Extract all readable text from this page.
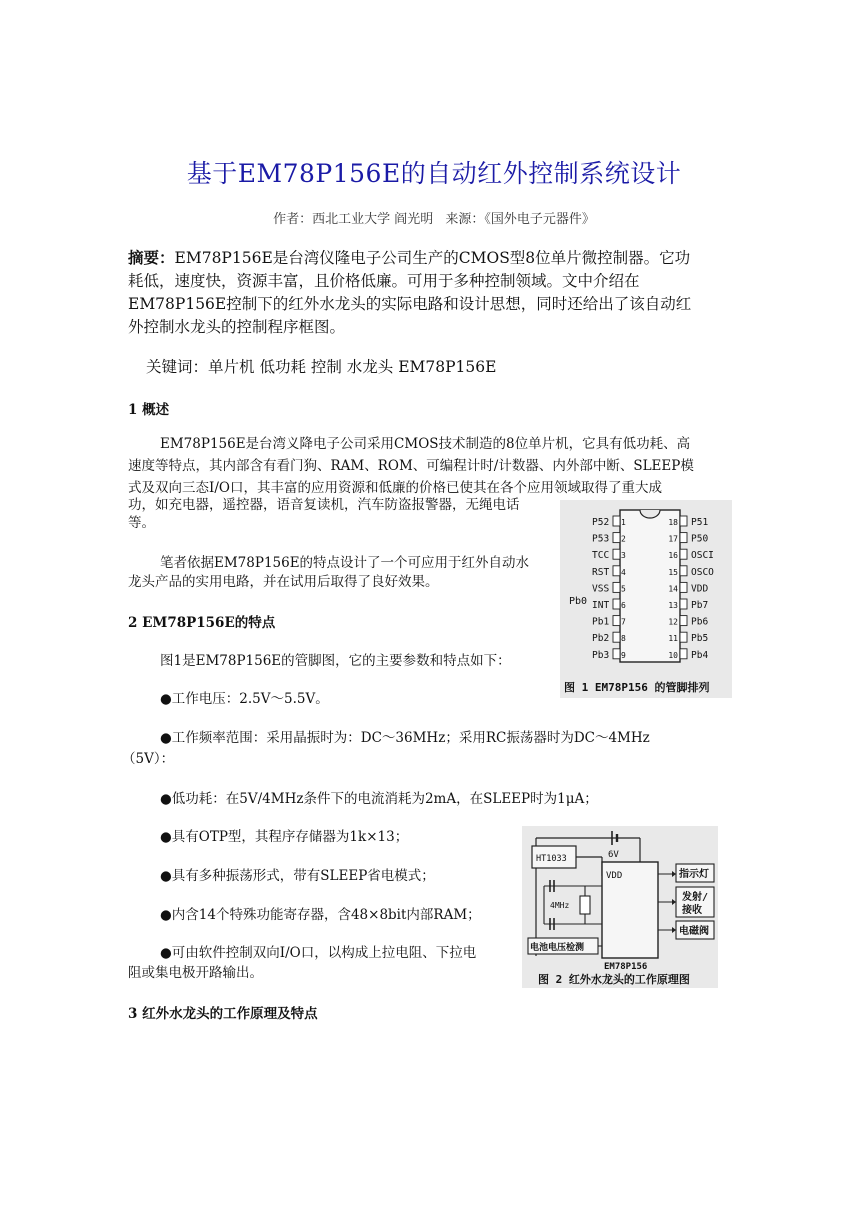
基于EM78P156E的自动红外控制系统设计
作者：西北工业大学 阎光明 来源：《国外电子元器件》
摘要：EM78P156E是台湾仪隆电子公司生产的CMOS型8位单片微控制器。它功
耗低，速度快，资源丰富，且价格低廉。可用于多种控制领域。文中介绍在
EM78P156E控制下的红外水龙头的实际电路和设计思想，同时还给出了该自动红
外控制水龙头的控制程序框图。
关键词：单片机 低功耗 控制 水龙头 EM78P156E
1 概述
EM78P156E是台湾义降电子公司采用CMOS技术制造的8位单片机，它具有低功耗、高
速度等特点，其内部含有看门狗、RAM、ROM、可编程计时/计数器、内外部中断、SLEEP模
式及双向三态I/O口，其丰富的应用资源和低廉的价格已使其在各个应用领域取得了重大成
功，如充电器，遥控器，语音复读机，汽车防盗报警器，无绳电话
等。
笔者依据EM78P156E的特点设计了一个可应用于红外自动水
龙头产品的实用电路，并在试用后取得了良好效果。
2 EM78P156E的特点
图1是EM78P156E的管脚图，它的主要参数和特点如下：
●工作电压：2.5V～5.5V。
●工作频率范围：采用晶振时为：DC～36MHz；采用RC振荡器时为DC～4MHz
（5V）：
●低功耗：在5V/4MHz条件下的电流消耗为2mA，在SLEEP时为1μA；
●具有OTP型，其程序存储器为1k×13；
●具有多种振荡形式，带有SLEEP省电模式；
●内含14个特殊功能寄存器，含48×8bit内部RAM；
●可由软件控制双向I/O口，以构成上拉电阻、下拉电
阻或集电极开路输出。
3 红外水龙头的工作原理及特点
P52 1
P53 2
TCC 3
RST 4
VSS 5
INT 6
Pb1 7
Pb2 8
Pb3 9
18 P51
17 P50
16 OSCI
15 OSCO
14 VDD
13 Pb7
12 Pb6
11 Pb5
10 Pb4
Pb0
图 1 EM78P156 的管脚排列
6V
HT1033
VDD
EM78P156
4MHz
电池电压检测
指示灯
发射/
接收
电磁阀
图 2 红外水龙头的工作原理图
